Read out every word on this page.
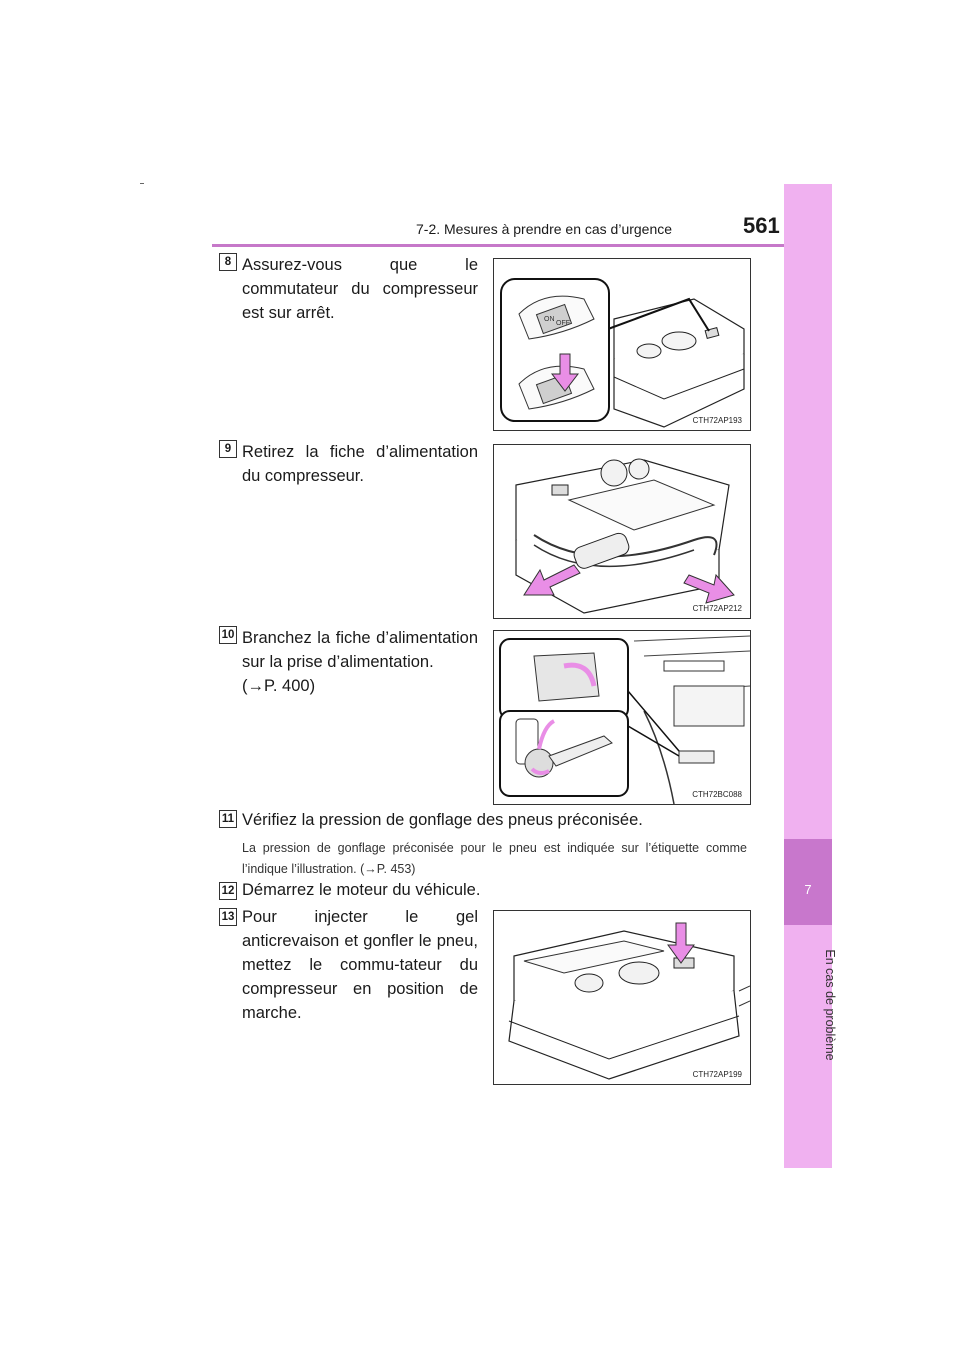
7-2. Mesures à prendre en cas d’urgence	561
7
En cas de problème
8 Assurez-vous que le commutateur du compresseur est sur arrêt.	ON
OFF
CTH72AP193
9 Retirez la fiche d’alimentation du compresseur.
CTH72AP212
10 Branchez la fiche d’alimentation sur la prise d’alimentation.
(→P. 400)
CTH72BC088
11 Vérifiez la pression de gonflage des pneus préconisée.
La pression de gonflage préconisée pour le pneu est indiquée sur l’étiquette comme l’indique l’illustration. (→P. 453)
12 Démarrez le moteur du véhicule.
13 Pour injecter le gel anticrevaison et gonfler le pneu, mettez le commu-tateur du compresseur en position de marche.
CTH72AP199
